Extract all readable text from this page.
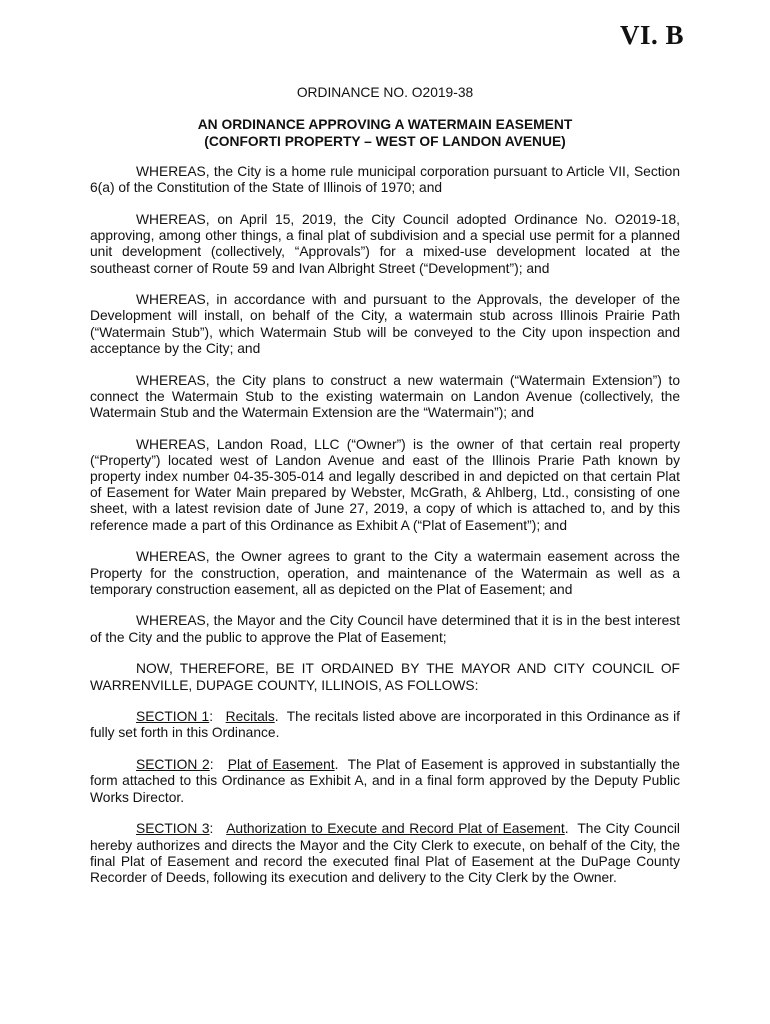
VI. B
ORDINANCE NO. O2019-38
AN ORDINANCE APPROVING A WATERMAIN EASEMENT
(CONFORTI PROPERTY – WEST OF LANDON AVENUE)

WHEREAS, the City is a home rule municipal corporation pursuant to Article VII, Section 6(a) of the Constitution of the State of Illinois of 1970; and

WHEREAS, on April 15, 2019, the City Council adopted Ordinance No. O2019-18, approving, among other things, a final plat of subdivision and a special use permit for a planned unit development (collectively, “Approvals”) for a mixed-use development located at the southeast corner of Route 59 and Ivan Albright Street (“Development”); and

WHEREAS, in accordance with and pursuant to the Approvals, the developer of the Development will install, on behalf of the City, a watermain stub across Illinois Prairie Path (“Watermain Stub”), which Watermain Stub will be conveyed to the City upon inspection and acceptance by the City; and

WHEREAS, the City plans to construct a new watermain (“Watermain Extension”) to connect the Watermain Stub to the existing watermain on Landon Avenue (collectively, the Watermain Stub and the Watermain Extension are the “Watermain”); and

WHEREAS, Landon Road, LLC (“Owner”) is the owner of that certain real property (“Property”) located west of Landon Avenue and east of the Illinois Prarie Path known by property index number 04-35-305-014 and legally described in and depicted on that certain Plat of Easement for Water Main prepared by Webster, McGrath, & Ahlberg, Ltd., consisting of one sheet, with a latest revision date of June 27, 2019, a copy of which is attached to, and by this reference made a part of this Ordinance as Exhibit A (“Plat of Easement”); and

WHEREAS, the Owner agrees to grant to the City a watermain easement across the Property for the construction, operation, and maintenance of the Watermain as well as a temporary construction easement, all as depicted on the Plat of Easement; and

WHEREAS, the Mayor and the City Council have determined that it is in the best interest of the City and the public to approve the Plat of Easement;

NOW, THEREFORE, BE IT ORDAINED BY THE MAYOR AND CITY COUNCIL OF WARRENVILLE, DUPAGE COUNTY, ILLINOIS, AS FOLLOWS:

SECTION 1:   Recitals.  The recitals listed above are incorporated in this Ordinance as if fully set forth in this Ordinance.

SECTION 2:   Plat of Easement.  The Plat of Easement is approved in substantially the form attached to this Ordinance as Exhibit A, and in a final form approved by the Deputy Public Works Director.

SECTION 3:   Authorization to Execute and Record Plat of Easement.  The City Council hereby authorizes and directs the Mayor and the City Clerk to execute, on behalf of the City, the final Plat of Easement and record the executed final Plat of Easement at the DuPage County Recorder of Deeds, following its execution and delivery to the City Clerk by the Owner.
